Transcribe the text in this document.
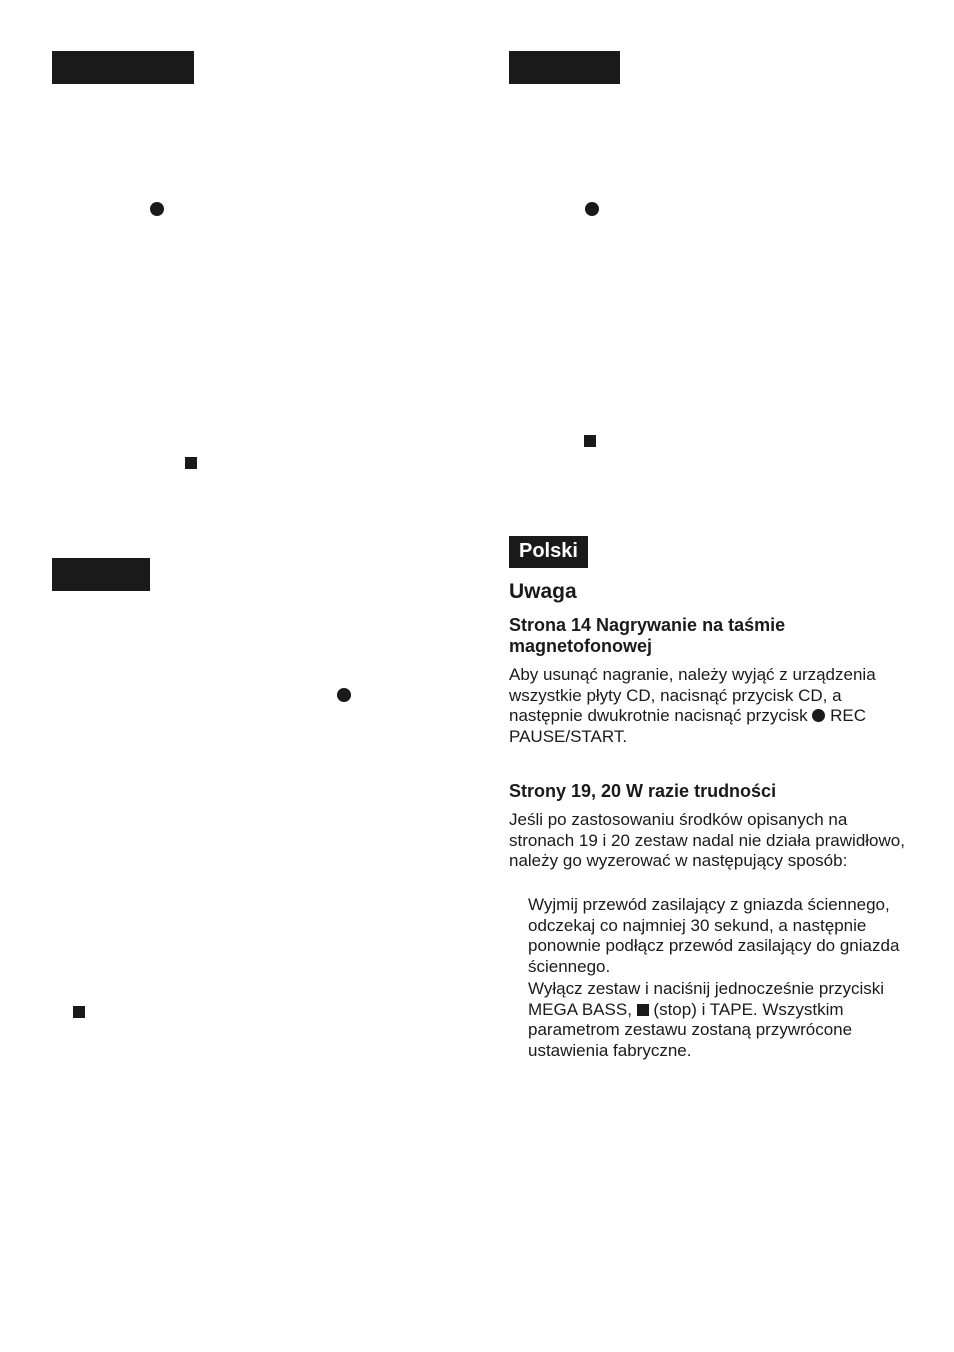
Polski
Uwaga
Strona 14 Nagrywanie na taśmie magnetofonowej

Aby usunąć nagranie, należy wyjąć z urządzenia wszystkie płyty CD, nacisnąć przycisk CD, a następnie dwukrotnie nacisnąć przycisk REC PAUSE/START.

Strony 19, 20 W razie trudności

Jeśli po zastosowaniu środków opisanych na stronach 19 i 20 zestaw nadal nie działa prawidłowo, należy go wyzerować w następujący sposób:

Wyjmij przewód zasilający z gniazda ściennego, odczekaj co najmniej 30 sekund, a następnie ponownie podłącz przewód zasilający do gniazda ściennego.

Wyłącz zestaw i naciśnij jednocześnie przyciski MEGA BASS, (stop) i TAPE. Wszystkim parametrom zestawu zostaną przywrócone ustawienia fabryczne.
